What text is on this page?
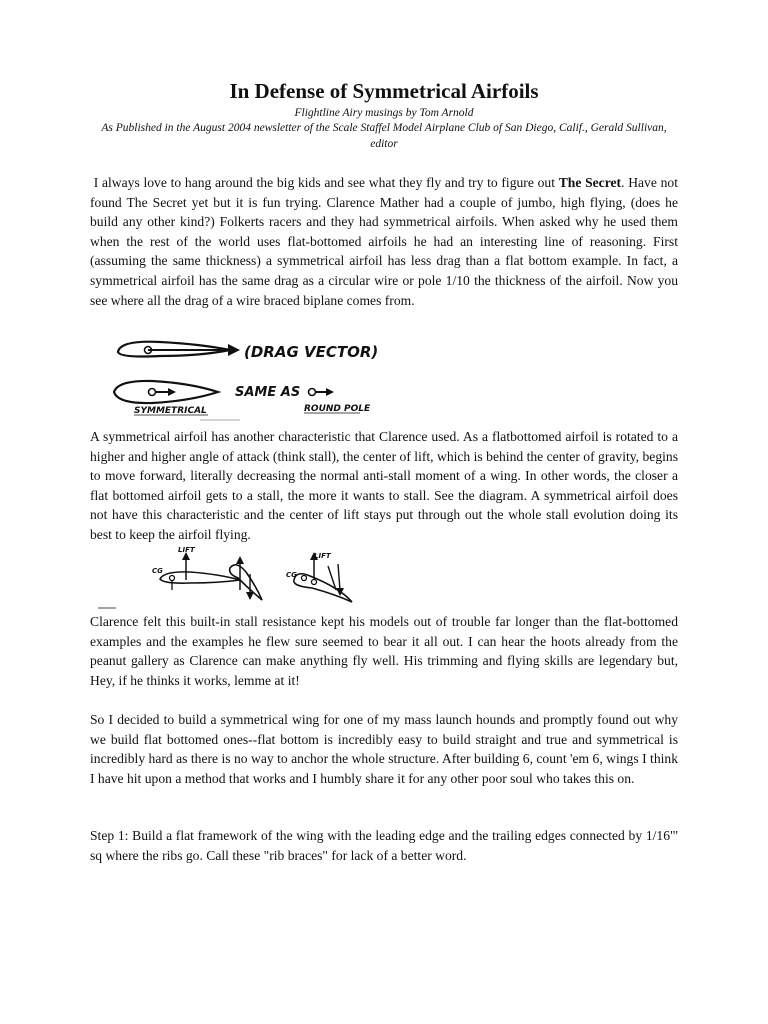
In Defense of Symmetrical Airfoils

Flightline Airy musings by Tom Arnold

As Published in the August 2004 newsletter of the Scale Staffel Model Airplane Club of San Diego, Calif., Gerald Sullivan, editor

I always love to hang around the big kids and see what they fly and try to figure out The Secret. Have not found The Secret yet but it is fun trying. Clarence Mather had a couple of jumbo, high flying, (does he build any other kind?) Folkerts racers and they had symmetrical airfoils. When asked why he used them when the rest of the world uses flat-bottomed airfoils he had an interesting line of reasoning. First (assuming the same thickness) a symmetrical airfoil has less drag than a flat bottom example. In fact, a symmetrical airfoil has the same drag as a circular wire or pole 1/10 the thickness of the airfoil. Now you see where all the drag of a wire braced biplane comes from.

(DRAG VECTOR)
SAME AS
SYMMETRICAL	ROUND POLE

A symmetrical airfoil has another characteristic that Clarence used. As a flatbottomed airfoil is rotated to a higher and higher angle of attack (think stall), the center of lift, which is behind the center of gravity, begins to move forward, literally decreasing the normal anti-stall moment of a wing. In other words, the closer a flat bottomed airfoil gets to a stall, the more it wants to stall. See the diagram. A symmetrical airfoil does not have this characteristic and the center of lift stays put through out the whole stall evolution doing its best to keep the airfoil flying.

CG
LIFT
CG
LIFT

Clarence felt this built-in stall resistance kept his models out of trouble far longer than the flat-bottomed examples and the examples he flew sure seemed to bear it all out. I can hear the hoots already from the peanut gallery as Clarence can make anything fly well. His trimming and flying skills are legendary but, Hey, if he thinks it works, lemme at it!

So I decided to build a symmetrical wing for one of my mass launch hounds and promptly found out why we build flat bottomed ones--flat bottom is incredibly easy to build straight and true and symmetrical is incredibly hard as there is no way to anchor the whole structure. After building 6, count 'em 6, wings I think I have hit upon a method that works and I humbly share it for any other poor soul who takes this on.

Step 1: Build a flat framework of the wing with the leading edge and the trailing edges connected by 1/16"' sq where the ribs go. Call these "rib braces" for lack of a better word.
